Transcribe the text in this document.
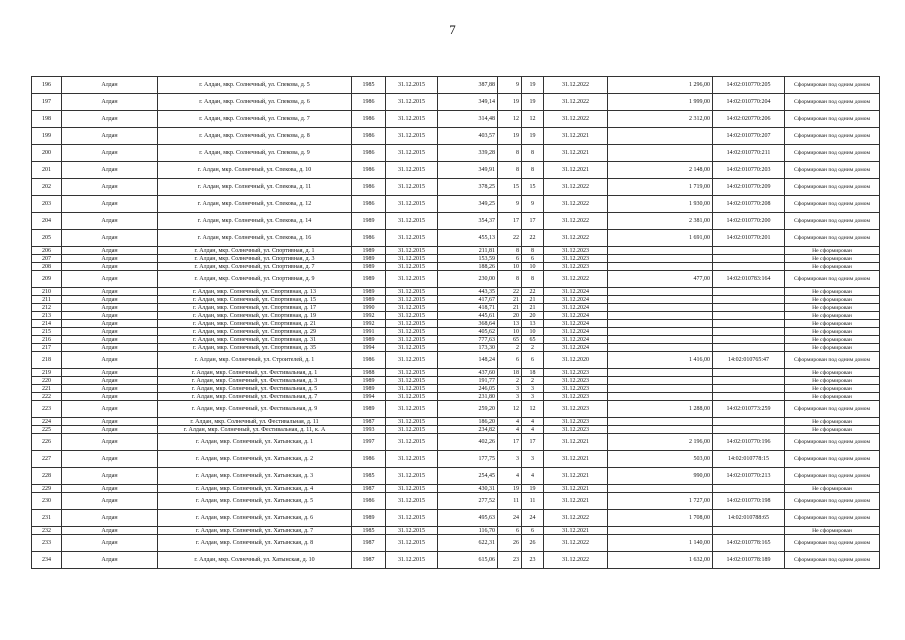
7
196	Алдан	г. Алдан, мкр. Солнечный, ул. Спекова, д. 5	1985	31.12.2015	387,88	9	19	31.12.2022	1 296,00	14:02:010770:205	Сформирован под одним домом
197	Алдан	г. Алдан, мкр. Солнечный, ул. Спекова, д. 6	1986	31.12.2015	349,14	19	19	31.12.2022	1 999,00	14:02:010770:204	Сформирован под одним домом
198	Алдан	г. Алдан, мкр. Солнечный, ул. Спекова, д. 7	1986	31.12.2015	314,48	12	12	31.12.2022	2 312,00	14:02:020770:206	Сформирован под одним домом
199	Алдан	г. Алдан, мкр. Солнечный, ул. Спекова, д. 8	1986	31.12.2015	403,57	19	19	31.12.2021		14:02:010770:207	Сформирован под одним домом
200	Алдан	г. Алдан, мкр. Солнечный, ул. Спекова, д. 9	1986	31.12.2015	339,28	8	8	31.12.2021		14:02:010770:211	Сформирован под одним домом
201	Алдан	г. Алдан, мкр. Солнечный, ул. Спекова, д. 10	1986	31.12.2015	349,91	8	8	31.12.2021	2 148,00	14:02:010770:203	Сформирован под одним домом
202	Алдан	г. Алдан, мкр. Солнечный, ул. Спекова, д. 11	1986	31.12.2015	378,25	15	15	31.12.2022	1 719,00	14:02:010770:209	Сформирован под одним домом
203	Алдан	г. Алдан, мкр. Солнечный, ул. Спекова, д. 12	1986	31.12.2015	349,25	9	9	31.12.2022	1 930,00	14:02:010770:208	Сформирован под одним домом
204	Алдан	г. Алдан, мкр. Солнечный, ул. Спекова, д. 14	1989	31.12.2015	354,37	17	17	31.12.2022	2 381,00	14:02:010770:200	Сформирован под одним домом
205	Алдан	г. Алдан, мкр. Солнечный, ул. Спекова, д. 16	1986	31.12.2015	455,13	22	22	31.12.2022	1 691,00	14:02:010770:201	Сформирован под одним домом
206	Алдан	г. Алдан, мкр. Солнечный, ул. Спортивная, д. 1	1989	31.12.2015	211,81	8	8	31.12.2023			Не сформирован
207	Алдан	г. Алдан, мкр. Солнечный, ул. Спортивная, д. 3	1989	31.12.2015	153,59	6	6	31.12.2023			Не сформирован
208	Алдан	г. Алдан, мкр. Солнечный, ул. Спортивная, д. 7	1989	31.12.2015	188,26	10	10	31.12.2023			Не сформирован
209	Алдан	г. Алдан, мкр. Солнечный, ул. Спортивная, д. 9	1989	31.12.2015	230,00	8	8	31.12.2022	477,00	14:02:010783:164	Сформирован под одним домом
210	Алдан	г. Алдан, мкр. Солнечный, ул. Спортивная, д. 13	1989	31.12.2015	443,35	22	22	31.12.2024			Не сформирован
211	Алдан	г. Алдан, мкр. Солнечный, ул. Спортивная, д. 15	1989	31.12.2015	417,67	21	21	31.12.2024			Не сформирован
212	Алдан	г. Алдан, мкр. Солнечный, ул. Спортивная, д. 17	1990	31.12.2015	418,71	21	21	31.12.2024			Не сформирован
213	Алдан	г. Алдан, мкр. Солнечный, ул. Спортивная, д. 19	1992	31.12.2015	445,61	20	20	31.12.2024			Не сформирован
214	Алдан	г. Алдан, мкр. Солнечный, ул. Спортивная, д. 21	1992	31.12.2015	368,64	13	13	31.12.2024			Не сформирован
215	Алдан	г. Алдан, мкр. Солнечный, ул. Спортивная, д. 29	1991	31.12.2015	405,62	10	10	31.12.2024			Не сформирован
216	Алдан	г. Алдан, мкр. Солнечный, ул. Спортивная, д. 31	1989	31.12.2015	777,63	65	65	31.12.2024			Не сформирован
217	Алдан	г. Алдан, мкр. Солнечный, ул. Спортивная, д. 35	1994	31.12.2015	173,30	2	2	31.12.2024			Не сформирован
218	Алдан	г. Алдан, мкр. Солнечный, ул. Строителей, д. 1	1986	31.12.2015	148,24	6	6	31.12.2020	1 416,00	14:02:010765:47	Сформирован под одним домом
219	Алдан	г. Алдан, мкр. Солнечный, ул. Фестивальная, д. 1	1988	31.12.2015	437,60	18	18	31.12.2023			Не сформирован
220	Алдан	г. Алдан, мкр. Солнечный, ул. Фестивальная, д. 3	1989	31.12.2015	191,77	2	2	31.12.2023			Не сформирован
221	Алдан	г. Алдан, мкр. Солнечный, ул. Фестивальная, д. 5	1989	31.12.2015	246,05	3	3	31.12.2023			Не сформирован
222	Алдан	г. Алдан, мкр. Солнечный, ул. Фестивальная, д. 7	1994	31.12.2015	231,80	3	3	31.12.2023			Не сформирован
223	Алдан	г. Алдан, мкр. Солнечный, ул. Фестивальная, д. 9	1989	31.12.2015	259,20	12	12	31.12.2023	1 288,00	14:02:010773:259	Сформирован под одним домом
224	Алдан	г. Алдан, мкр. Солнечный, ул. Фестивальная, д. 11	1987	31.12.2015	186,20	4	4	31.12.2023			Не сформирован
225	Алдан	г. Алдан, мкр. Солнечный, ул. Фестивальная, д. 11, к. А	1993	31.12.2015	234,82	4	4	31.12.2023			Не сформирован
226	Алдан	г. Алдан, мкр. Солнечный, ул. Хатынская, д. 1	1997	31.12.2015	402,26	17	17	31.12.2021	2 196,00	14:02:010770:196	Сформирован под одним домом
227	Алдан	г. Алдан, мкр. Солнечный, ул. Хатынская, д. 2	1986	31.12.2015	177,75	3	3	31.12.2021	503,00	14:02:010778:15	Сформирован под одним домом
228	Алдан	г. Алдан, мкр. Солнечный, ул. Хатынская, д. 3	1985	31.12.2015	254,45	4	4	31.12.2021	990,00	14:02:010770:213	Сформирован под одним домом
229	Алдан	г. Алдан, мкр. Солнечный, ул. Хатынская, д. 4	1987	31.12.2015	430,31	19	19	31.12.2021			Не сформирован
230	Алдан	г. Алдан, мкр. Солнечный, ул. Хатынская, д. 5	1986	31.12.2015	277,52	11	11	31.12.2021	1 727,00	14:02:010770:198	Сформирован под одним домом
231	Алдан	г. Алдан, мкр. Солнечный, ул. Хатынская, д. 6	1989	31.12.2015	495,63	24	24	31.12.2022	1 708,00	14:02:010788:65	Сформирован под одним домом
232	Алдан	г. Алдан, мкр. Солнечный, ул. Хатынская, д. 7	1985	31.12.2015	116,70	6	6	31.12.2021			Не сформирован
233	Алдан	г. Алдан, мкр. Солнечный, ул. Хатынская, д. 8	1987	31.12.2015	622,31	26	26	31.12.2022	1 140,00	14:02:010778:165	Сформирован под одним домом
234	Алдан	г. Алдан, мкр. Солнечный, ул. Хатынская, д. 10	1987	31.12.2015	615,06	23	23	31.12.2022	1 632,00	14:02:010778:189	Сформирован под одним домом
